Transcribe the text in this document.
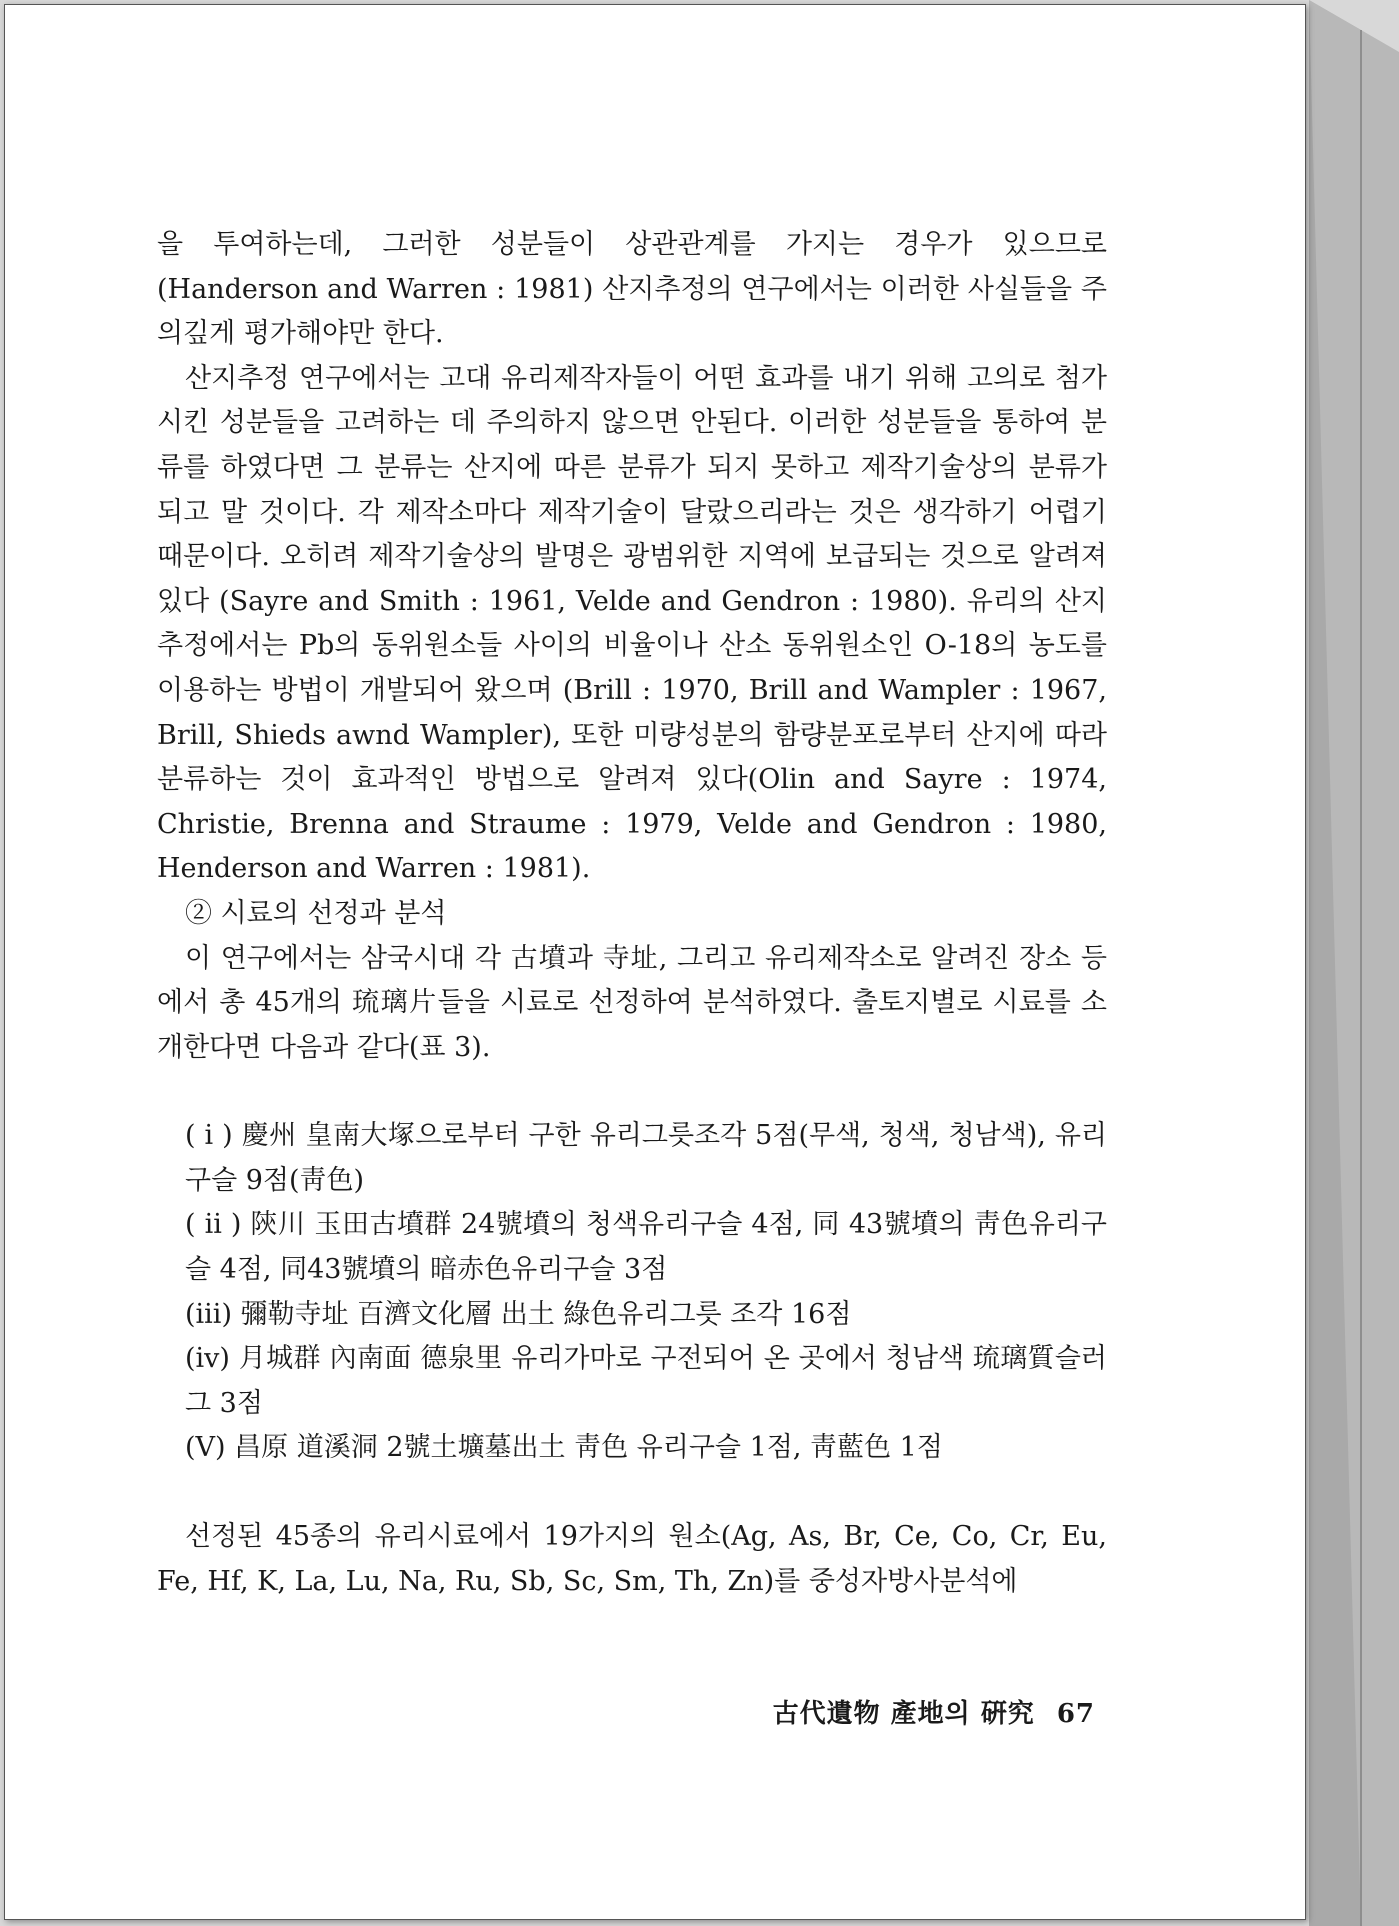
을 투여하는데, 그러한 성분들이 상관관계를 가지는 경우가 있으므로 (Handerson and Warren : 1981) 산지추정의 연구에서는 이러한 사실들을 주의깊게 평가해야만 한다.

산지추정 연구에서는 고대 유리제작자들이 어떤 효과를 내기 위해 고의로 첨가시킨 성분들을 고려하는 데 주의하지 않으면 안된다. 이러한 성분들을 통하여 분류를 하였다면 그 분류는 산지에 따른 분류가 되지 못하고 제작기술상의 분류가 되고 말 것이다. 각 제작소마다 제작기술이 달랐으리라는 것은 생각하기 어렵기 때문이다. 오히려 제작기술상의 발명은 광범위한 지역에 보급되는 것으로 알려져 있다 (Sayre and Smith : 1961, Velde and Gendron : 1980). 유리의 산지추정에서는 Pb의 동위원소들 사이의 비율이나 산소 동위원소인 O-18의 농도를 이용하는 방법이 개발되어 왔으며 (Brill : 1970, Brill and Wampler : 1967, Brill, Shieds awnd Wampler), 또한 미량성분의 함량분포로부터 산지에 따라 분류하는 것이 효과적인 방법으로 알려져 있다(Olin and Sayre : 1974, Christie, Brenna and Straume : 1979, Velde and Gendron : 1980, Henderson and Warren : 1981).

② 시료의 선정과 분석

이 연구에서는 삼국시대 각 古墳과 寺址, 그리고 유리제작소로 알려진 장소 등에서 총 45개의 琉璃片들을 시료로 선정하여 분석하였다. 출토지별로 시료를 소개한다면 다음과 같다(표 3).

( i ) 慶州 皇南大塚으로부터 구한 유리그릇조각 5점(무색, 청색, 청남색), 유리구슬 9점(靑色)

( ii ) 陝川 玉田古墳群 24號墳의 청색유리구슬 4점, 同 43號墳의 靑色유리구슬 4점, 同43號墳의 暗赤色유리구슬 3점

(iii) 彌勒寺址 百濟文化層 出土 綠色유리그릇 조각 16점

(iv) 月城群 內南面 德泉里 유리가마로 구전되어 온 곳에서 청남색 琉璃質슬러그 3점

(V) 昌原 道溪洞 2號土壙墓出土 靑色 유리구슬 1점, 靑藍色 1점

선정된 45종의 유리시료에서 19가지의 원소(Ag, As, Br, Ce, Co, Cr, Eu, Fe, Hf, K, La, Lu, Na, Ru, Sb, Sc, Sm, Th, Zn)를 중성자방사분석에

古代遺物 產地의 硏究 67
